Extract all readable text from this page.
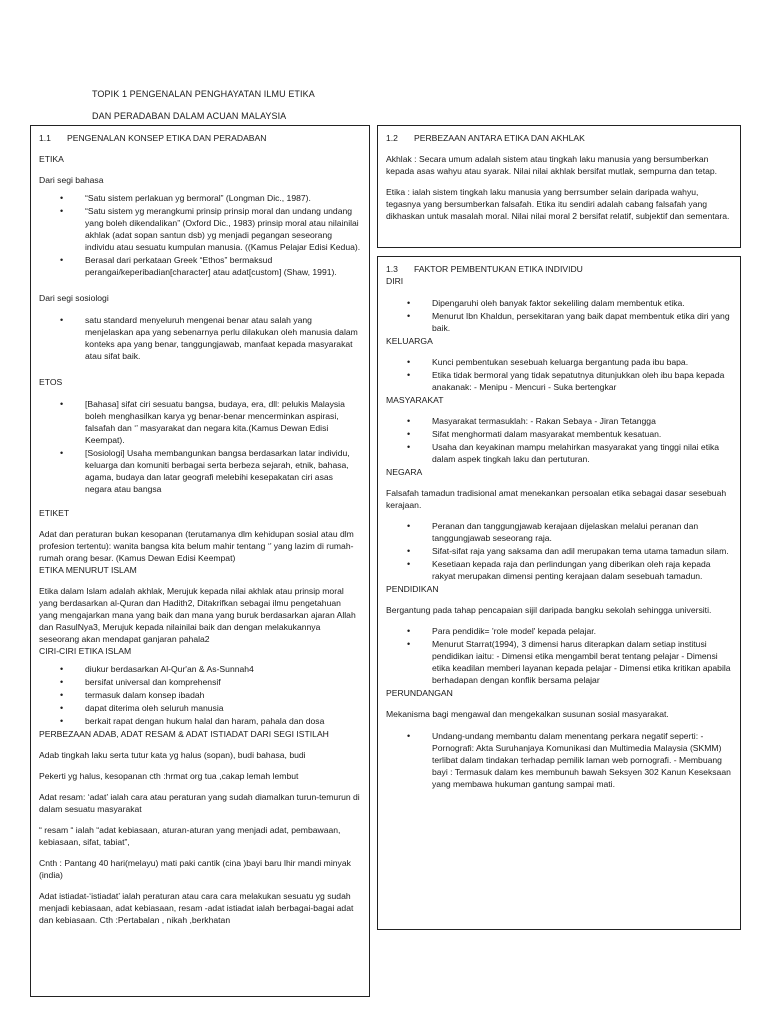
TOPIK 1 PENGENALAN PENGHAYATAN ILMU ETIKA
DAN PERADABAN DALAM ACUAN MALAYSIA

1.1 PENGENALAN KONSEP ETIKA DAN PERADABAN

ETIKA

Dari segi bahasa

• “Satu sistem perlakuan yg bermoral” (Longman Dic., 1987).
• “Satu sistem yg merangkumi prinsip prinsip moral dan undang undang yang boleh dikendalikan” (Oxford Dic., 1983) prinsip moral atau nilainilai akhlak (adat sopan santun dsb) yg menjadi pegangan seseorang individu atau sesuatu kumpulan manusia. ((Kamus Pelajar Edisi Kedua).
• Berasal dari perkataan Greek “Ethos” bermaksud perangai/keperibadian[character] atau adat[custom] (Shaw, 1991).

Dari segi sosiologi

• satu standard menyeluruh mengenai benar atau salah yang menjelaskan apa yang sebenarnya perlu dilakukan oleh manusia dalam konteks apa yang benar, tanggungjawab, manfaat kepada masyarakat atau sifat baik.

ETOS

• [Bahasa] sifat ciri sesuatu bangsa, budaya, era, dll: pelukis Malaysia boleh menghasilkan karya yg benar-benar mencerminkan aspirasi, falsafah dan ‘’ masyarakat dan negara kita.(Kamus Dewan Edisi Keempat).
• [Sosiologi] Usaha membangunkan bangsa berdasarkan latar individu, keluarga dan komuniti berbagai serta berbeza sejarah, etnik, bahasa, agama, budaya dan latar geografi melebihi kesepakatan ciri asas negara atau bangsa

ETIKET

Adat dan peraturan bukan kesopanan (terutamanya dlm kehidupan sosial atau dlm profesion tertentu): wanita bangsa kita belum mahir tentang ‘’ yang lazim di rumah-rumah orang besar. (Kamus Dewan Edisi Keempat)

ETIKA MENURUT ISLAM

Etika dalam Islam adalah akhlak, Merujuk kepada nilai akhlak atau prinsip moral yang berdasarkan al-Quran dan Hadith2, Ditakrifkan sebagai ilmu pengetahuan yang mengajarkan mana yang baik dan mana yang buruk berdasarkan ajaran Allah dan RasulNya3, Merujuk kepada nilainilai baik dan dengan melakukannya seseorang akan mendapat ganjaran pahala2

CIRI-CIRI ETIKA ISLAM

• diukur berdasarkan Al-Qur'an & As-Sunnah4
• bersifat universal dan komprehensif
• termasuk dalam konsep ibadah
• dapat diterima oleh seluruh manusia
• berkait rapat dengan hukum halal dan haram, pahala dan dosa

PERBEZAAN ADAB, ADAT RESAM & ADAT ISTIADAT DARI SEGI ISTILAH

Adab tingkah laku serta tutur kata yg halus (sopan), budi bahasa, budi

Pekerti yg halus, kesopanan cth :hrmat org tua ,cakap lemah lembut

Adat resam: ‘adat’ ialah cara atau peraturan yang sudah diamalkan turun-temurun di dalam sesuatu masyarakat

“ resam “ ialah “adat kebiasaan, aturan-aturan yang menjadi adat, pembawaan, kebiasaan, sifat, tabiat”,

Cnth : Pantang 40 hari(melayu) mati paki cantik (cina )bayi baru lhir mandi minyak (india)

Adat istiadat-‘istiadat’ ialah peraturan atau cara cara melakukan sesuatu yg sudah menjadi kebiasaan, adat kebiasaan, resam -adat istiadat ialah berbagai-bagai adat dan kebiasaan. Cth :Pertabalan , nikah ,berkhatan

1.2 PERBEZAAN ANTARA ETIKA DAN AKHLAK

Akhlak : Secara umum adalah sistem atau tingkah laku manusia yang bersumberkan kepada asas wahyu atau syarak. Nilai nilai akhlak bersifat mutlak, sempurna dan tetap.

Etika : ialah sistem tingkah laku manusia yang berrsumber selain daripada wahyu, tegasnya yang bersumberkan falsafah. Etika itu sendiri adalah cabang falsafah yang dikhaskan untuk masalah moral. Nilai nilai moral 2 bersifat relatif, subjektif dan sementara.

1.3 FAKTOR PEMBENTUKAN ETIKA INDIVIDU

DIRI

• Dipengaruhi oleh banyak faktor sekeliling dalam membentuk etika.
• Menurut Ibn Khaldun, persekitaran yang baik dapat membentuk etika diri yang baik.

KELUARGA

• Kunci pembentukan sesebuah keluarga bergantung pada ibu bapa.
• Etika tidak bermoral yang tidak sepatutnya ditunjukkan oleh ibu bapa kepada anakanak: - Menipu - Mencuri - Suka bertengkar

MASYARAKAT

• Masyarakat termasuklah: - Rakan Sebaya - Jiran Tetangga
• Sifat menghormati dalam masyarakat membentuk kesatuan.
• Usaha dan keyakinan mampu melahirkan masyarakat yang tinggi nilai etika dalam aspek tingkah laku dan pertuturan.

NEGARA

Falsafah tamadun tradisional amat menekankan persoalan etika sebagai dasar sesebuah kerajaan.

• Peranan dan tanggungjawab kerajaan dijelaskan melalui peranan dan tanggungjawab seseorang raja.
• Sifat-sifat raja yang saksama dan adil merupakan tema utama tamadun silam.
• Kesetiaan kepada raja dan perlindungan yang diberikan oleh raja kepada rakyat merupakan dimensi penting kerajaan dalam sesebuah tamadun.

PENDIDIKAN

Bergantung pada tahap pencapaian sijil daripada bangku sekolah sehingga universiti.

• Para pendidik= 'role model' kepada pelajar.
• Menurut Starrat(1994), 3 dimensi harus diterapkan dalam setiap institusi pendidikan iaitu: - Dimensi etika mengambil berat tentang pelajar - Dimensi etika keadilan memberi layanan kepada pelajar - Dimensi etika kritikan apabila berhadapan dengan konflik bersama pelajar

PERUNDANGAN

Mekanisma bagi mengawal dan mengekalkan susunan sosial masyarakat.

• Undang-undang membantu dalam menentang perkara negatif seperti: - Pornografi: Akta Suruhanjaya Komunikasi dan Multimedia Malaysia (SKMM) terlibat dalam tindakan terhadap pemilik laman web pornografi. - Membuang bayi : Termasuk dalam kes membunuh bawah Seksyen 302 Kanun Keseksaan yang membawa hukuman gantung sampai mati.
